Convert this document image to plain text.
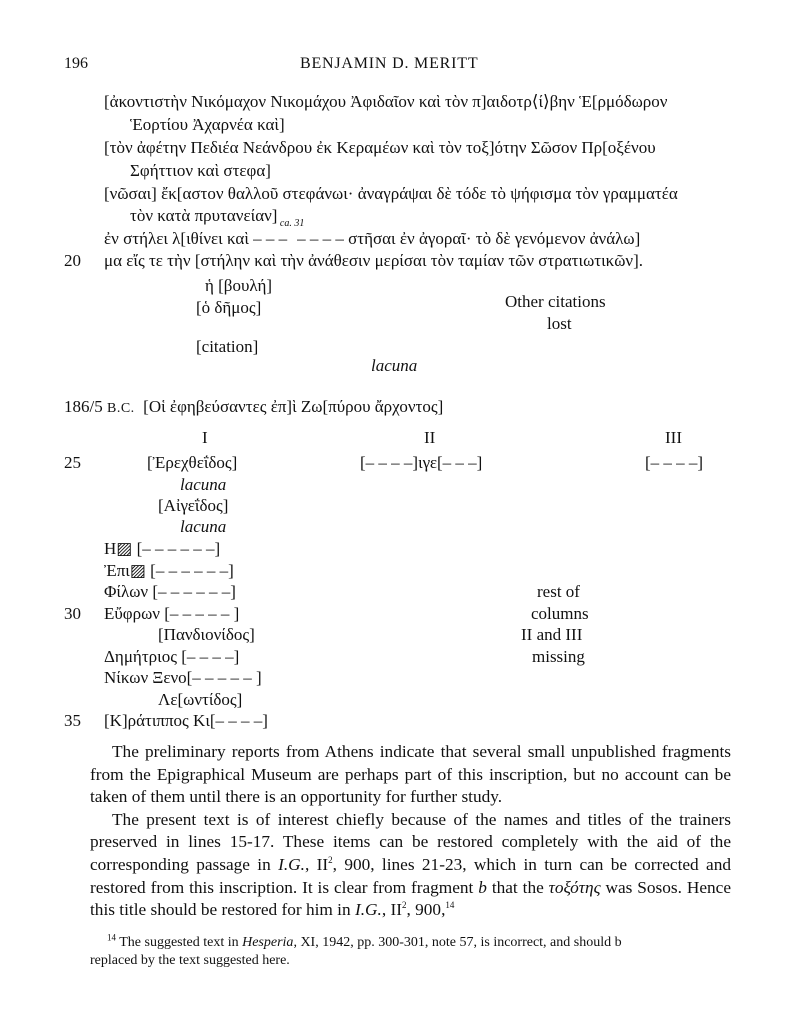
196	BENJAMIN D. MERITT
[ἀκοντιστὴν Νικόμαχον Νικομάχου Ἀφιδαῖον καὶ τὸν π]αιδοτρ⟨ί⟩βην Ἑ[ρμόδωρον
Ἑορτίου Ἀχαρνέα καὶ]
[τὸν ἀφέτην Πεδιέα Νεάνδρου ἐκ Κεραμέων καὶ τὸν τοξ]ότην Σῶσον Πρ[οξένου
Σφήττιον καὶ στεφα]
[νῶσαι] ἔκ[αστον θαλλοῦ στεφάνωι· ἀναγράψαι δὲ τόδε τὸ ψήφισμα τὸν γραμματέα
τὸν κατὰ πρυτανείαν]
ἐν στήλει λ[ιθίνει καὶ – – –  
ca. 31
– – – – στῆσαι ἐν ἀγοραῖ· τὸ δὲ γενόμενον ἀνάλω]
20 μα εἴς τε τὴν [στήλην καὶ τὴν ἀνάθεσιν μερίσαι τὸν ταμίαν τῶν στρατιωτικῶν].
ἡ [βουλή]
[ὁ δῆμος]	Other citations
lost
[citation]
lacuna
186/5 B.C. [Οἱ ἐφηβεύσαντες ἐπ]ὶ Ζω[πύρου ἄρχοντος]
I	II	III
25	[Ἐρεχθεΐδος]	[– – – –]ιγε[– – –]	[– – – –]
lacuna
[Αἰγεΐδος]
lacuna
Η▨ [– – – – – –]
Ἐπι▨ [– – – – – –]
Φίλων [– – – – – –]
30 Εὔφρων [– – – – – ]
[Πανδιονίδος]
Δημήτριος [– – – –]
Νίκων Ξενο[– – – – – ]
Λε[ωντίδος]
35 [Κ]ράτιππος Κι[– – – –]
rest of
columns
II and III
missing

The preliminary reports from Athens indicate that several small unpublished fragments from the Epigraphical Museum are perhaps part of this inscription, but no account can be taken of them until there is an opportunity for further study.

The present text is of interest chiefly because of the names and titles of the trainers preserved in lines 15-17. These items can be restored completely with the aid of the corresponding passage in I.G., $II^2$, 900, lines 21-23, which in turn can be corrected and restored from this inscription. It is clear from fragment b that the τοξότης was Sosos. Hence this title should be restored for him in I.G., $II^2$, 900,14

$^{14}$ The suggested text in Hesperia, XI, 1942, pp. 300-301, note 57, is incorrect, and should b

replaced by the text suggested here.
